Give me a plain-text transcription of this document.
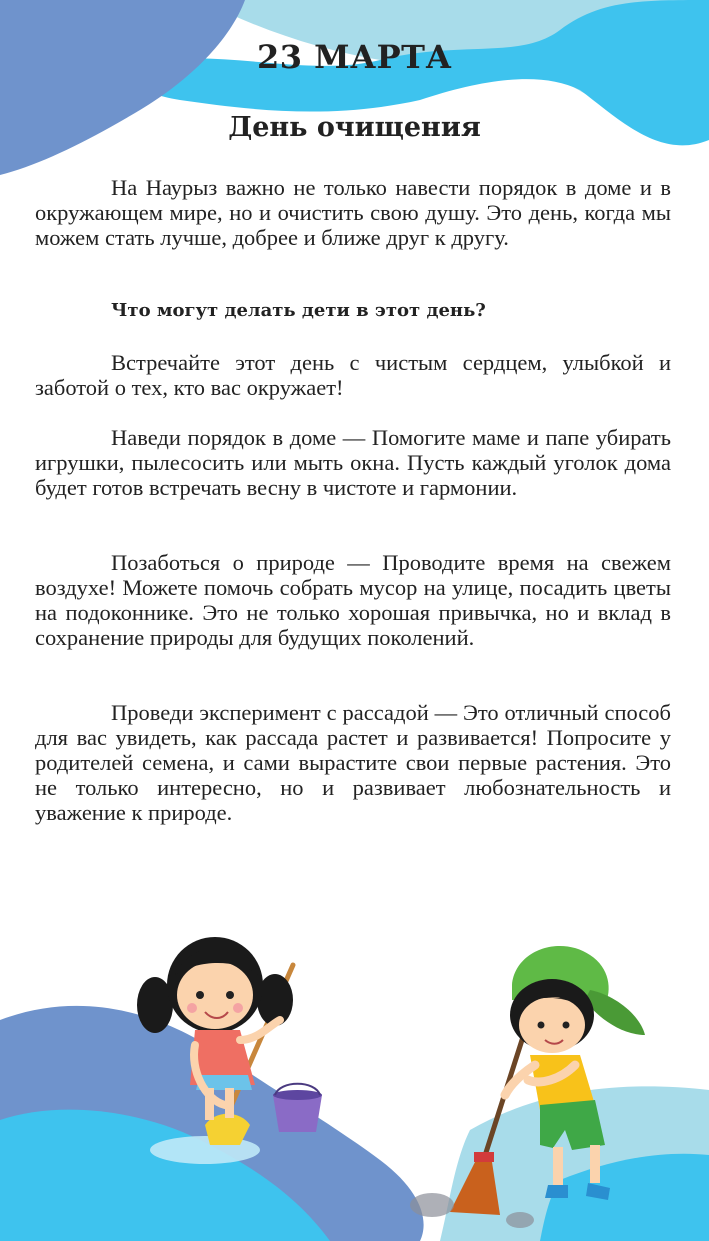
23 МАРТА
День очищения

На Наурыз важно не только навести порядок в доме и в окружающем мире, но и очистить свою душу. Это день, когда мы можем стать лучше, добрее и ближе друг к другу.

Что могут делать дети в этот день?

Встречайте этот день с чистым сердцем, улыбкой и заботой о тех, кто вас окружает!

Наведи порядок в доме — Помогите маме и папе убирать игрушки, пылесосить или мыть окна. Пусть каждый уголок дома будет готов встречать весну в чистоте и гармонии.

Позаботься о природе — Проводите время на свежем воздухе! Можете помочь собрать мусор на улице, посадить цветы на подоконнике. Это не только хорошая привычка, но и вклад в сохранение природы для будущих поколений.

Проведи эксперимент с рассадой — Это отличный способ для вас увидеть, как рассада растет и развивается! Попросите у родителей семена, и сами вырастите свои первые растения. Это не только интересно, но и развивает любознательность и уважение к природе.
